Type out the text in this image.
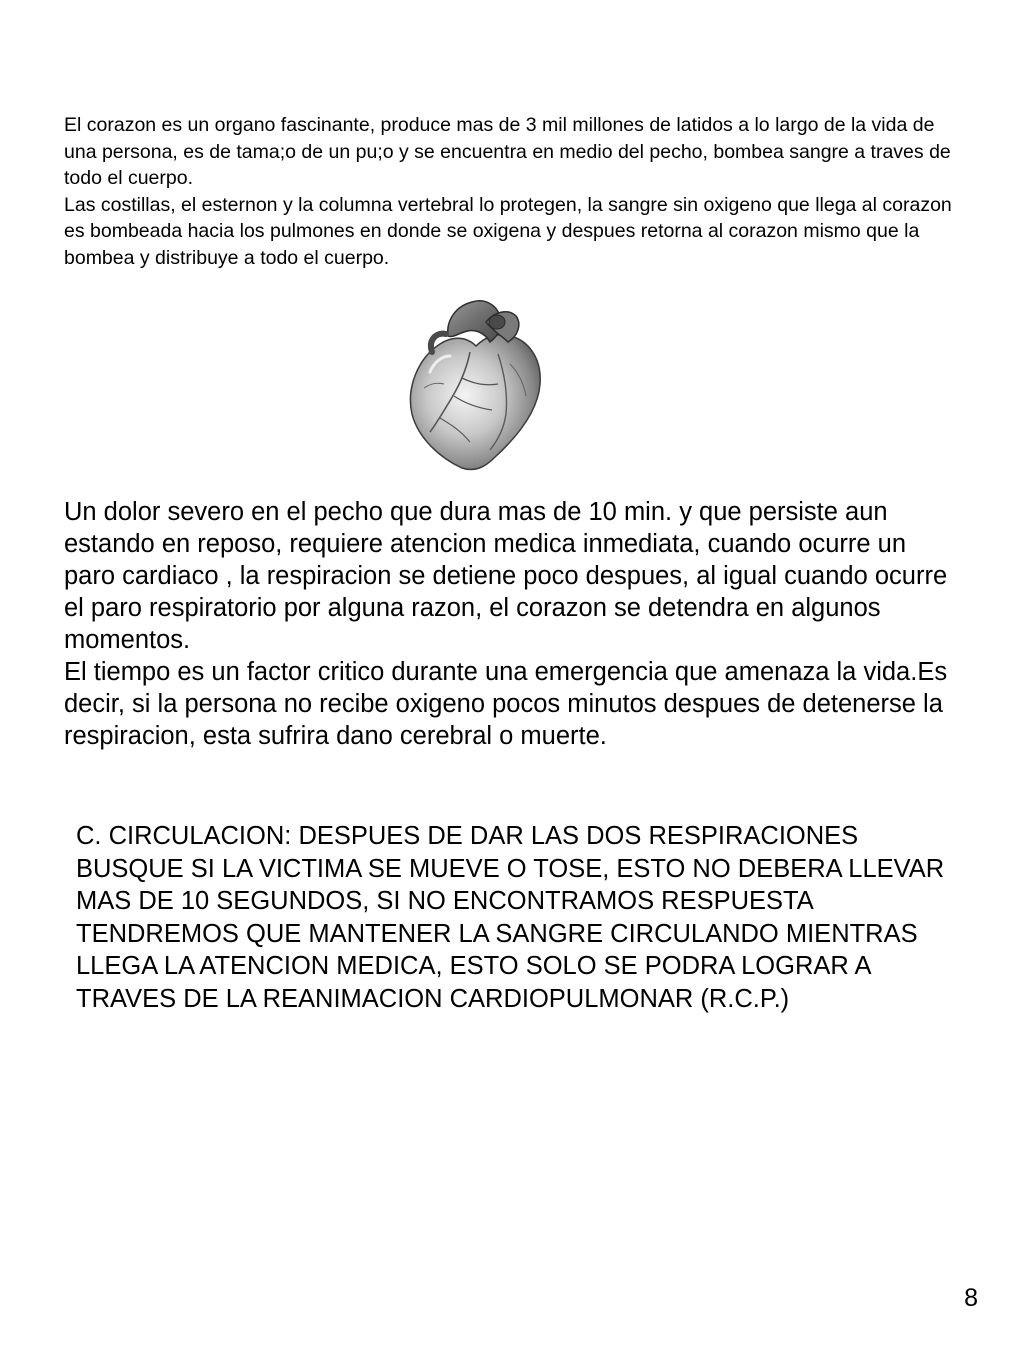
El corazon es un organo fascinante, produce mas de 3 mil millones de latidos a lo largo de la vida de una persona, es de tama;o de un pu;o y se encuentra en medio del pecho, bombea sangre a traves de todo el cuerpo.

Las costillas, el esternon y la columna vertebral lo protegen, la sangre sin oxigeno que llega al corazon es bombeada hacia los pulmones en donde se oxigena y despues retorna al corazon mismo que la bombea y distribuye a todo el cuerpo.

Un dolor severo en el pecho que dura mas de 10 min. y que persiste aun estando en reposo, requiere atencion medica inmediata, cuando ocurre un paro cardiaco , la respiracion se detiene poco despues, al igual cuando ocurre el paro respiratorio por alguna razon, el corazon se detendra en algunos momentos.

El tiempo es un factor critico durante una emergencia que amenaza la vida.Es decir, si la persona no recibe oxigeno pocos minutos despues de detenerse la respiracion, esta sufrira dano cerebral o muerte.

C. CIRCULACION: DESPUES DE DAR LAS DOS RESPIRACIONES BUSQUE SI LA VICTIMA SE MUEVE O TOSE, ESTO NO DEBERA LLEVAR MAS DE 10 SEGUNDOS, SI NO ENCONTRAMOS RESPUESTA TENDREMOS QUE MANTENER LA SANGRE CIRCULANDO MIENTRAS LLEGA LA ATENCION MEDICA, ESTO SOLO SE PODRA LOGRAR A TRAVES DE LA REANIMACION CARDIOPULMONAR (R.C.P.)

8
